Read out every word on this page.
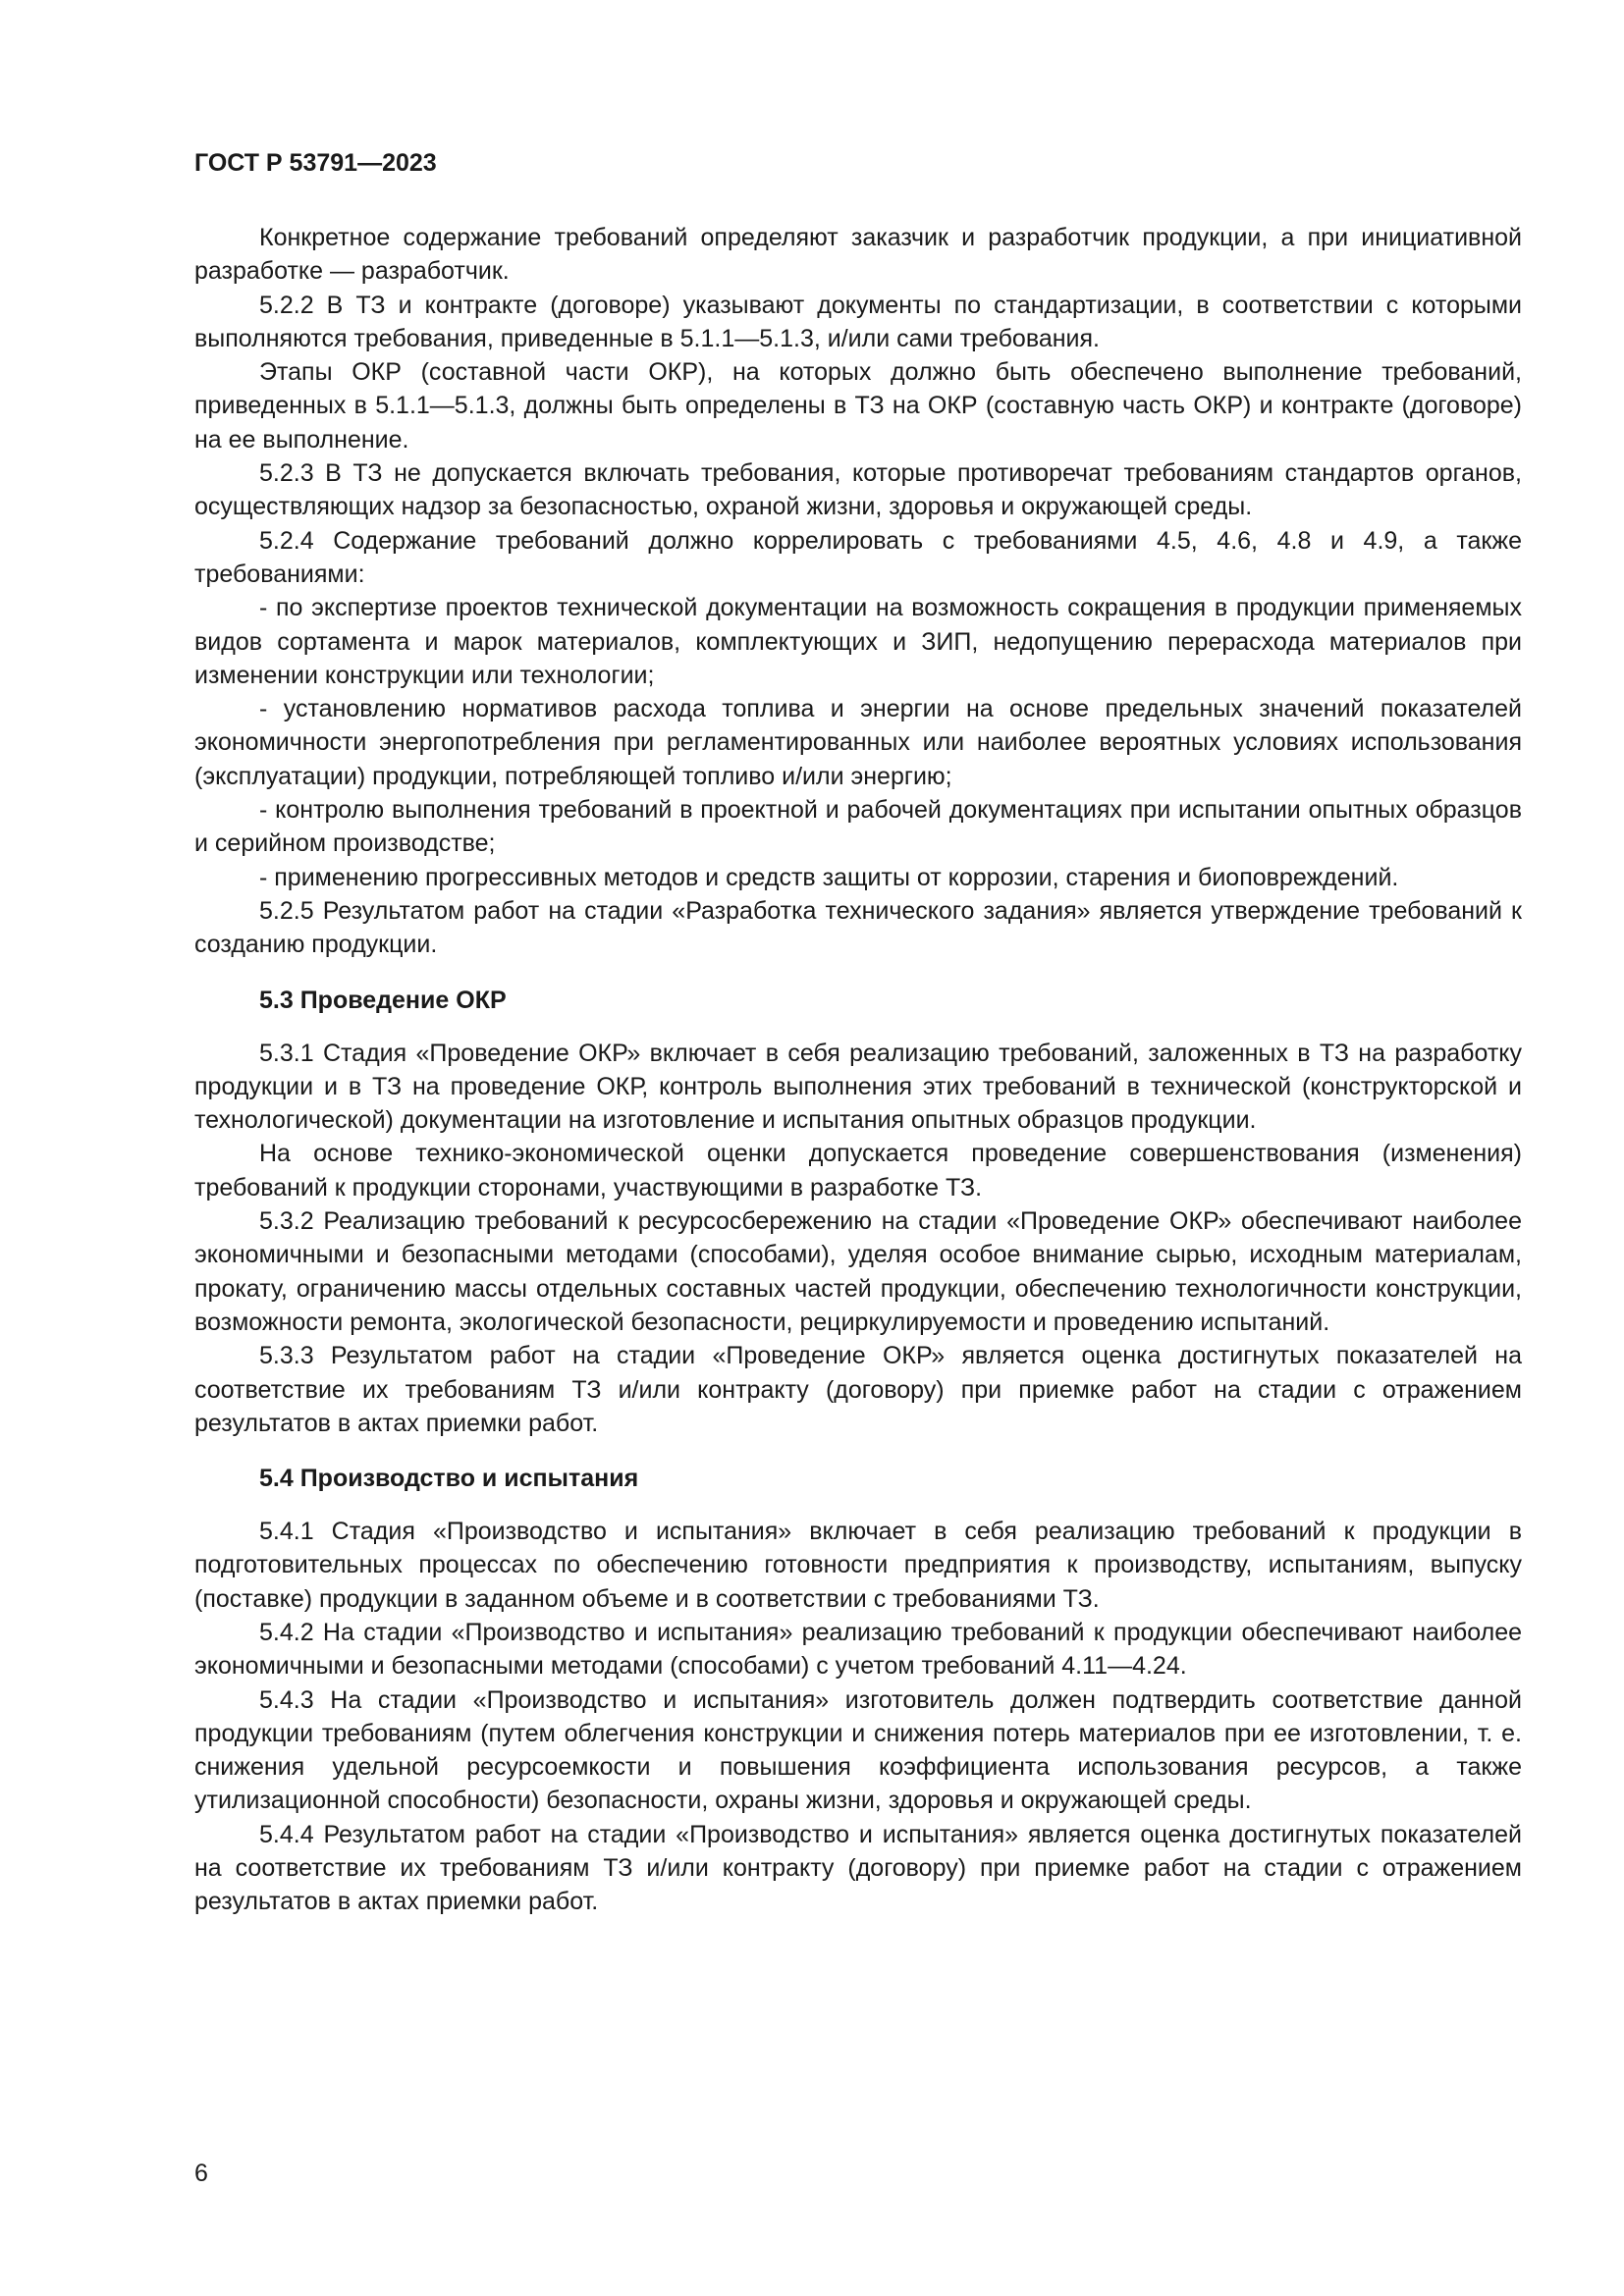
ГОСТ Р 53791—2023

Конкретное содержание требований определяют заказчик и разработчик продукции, а при инициативной разработке — разработчик.

5.2.2 В ТЗ и контракте (договоре) указывают документы по стандартизации, в соответствии с которыми выполняются требования, приведенные в 5.1.1—5.1.3, и/или сами требования.

Этапы ОКР (составной части ОКР), на которых должно быть обеспечено выполнение требований, приведенных в 5.1.1—5.1.3, должны быть определены в ТЗ на ОКР (составную часть ОКР) и контракте (договоре) на ее выполнение.

5.2.3 В ТЗ не допускается включать требования, которые противоречат требованиям стандартов органов, осуществляющих надзор за безопасностью, охраной жизни, здоровья и окружающей среды.

5.2.4 Содержание требований должно коррелировать с требованиями 4.5, 4.6, 4.8 и 4.9, а также требованиями:

- по экспертизе проектов технической документации на возможность сокращения в продукции применяемых видов сортамента и марок материалов, комплектующих и ЗИП, недопущению перерасхода материалов при изменении конструкции или технологии;

- установлению нормативов расхода топлива и энергии на основе предельных значений показателей экономичности энергопотребления при регламентированных или наиболее вероятных условиях использования (эксплуатации) продукции, потребляющей топливо и/или энергию;

- контролю выполнения требований в проектной и рабочей документациях при испытании опытных образцов и серийном производстве;

- применению прогрессивных методов и средств защиты от коррозии, старения и биоповреждений.

5.2.5 Результатом работ на стадии «Разработка технического задания» является утверждение требований к созданию продукции.

5.3 Проведение ОКР

5.3.1 Стадия «Проведение ОКР» включает в себя реализацию требований, заложенных в ТЗ на разработку продукции и в ТЗ на проведение ОКР, контроль выполнения этих требований в технической (конструкторской и технологической) документации на изготовление и испытания опытных образцов продукции.

На основе технико-экономической оценки допускается проведение совершенствования (изменения) требований к продукции сторонами, участвующими в разработке ТЗ.

5.3.2 Реализацию требований к ресурсосбережению на стадии «Проведение ОКР» обеспечивают наиболее экономичными и безопасными методами (способами), уделяя особое внимание сырью, исходным материалам, прокату, ограничению массы отдельных составных частей продукции, обеспечению технологичности конструкции, возможности ремонта, экологической безопасности, рециркулируемости и проведению испытаний.

5.3.3 Результатом работ на стадии «Проведение ОКР» является оценка достигнутых показателей на соответствие их требованиям ТЗ и/или контракту (договору) при приемке работ на стадии с отражением результатов в актах приемки работ.

5.4 Производство и испытания

5.4.1 Стадия «Производство и испытания» включает в себя реализацию требований к продукции в подготовительных процессах по обеспечению готовности предприятия к производству, испытаниям, выпуску (поставке) продукции в заданном объеме и в соответствии с требованиями ТЗ.

5.4.2 На стадии «Производство и испытания» реализацию требований к продукции обеспечивают наиболее экономичными и безопасными методами (способами) с учетом требований 4.11—4.24.

5.4.3 На стадии «Производство и испытания» изготовитель должен подтвердить соответствие данной продукции требованиям (путем облегчения конструкции и снижения потерь материалов при ее изготовлении, т. е. снижения удельной ресурсоемкости и повышения коэффициента использования ресурсов, а также утилизационной способности) безопасности, охраны жизни, здоровья и окружающей среды.

5.4.4 Результатом работ на стадии «Производство и испытания» является оценка достигнутых показателей на соответствие их требованиям ТЗ и/или контракту (договору) при приемке работ на стадии с отражением результатов в актах приемки работ.

6
